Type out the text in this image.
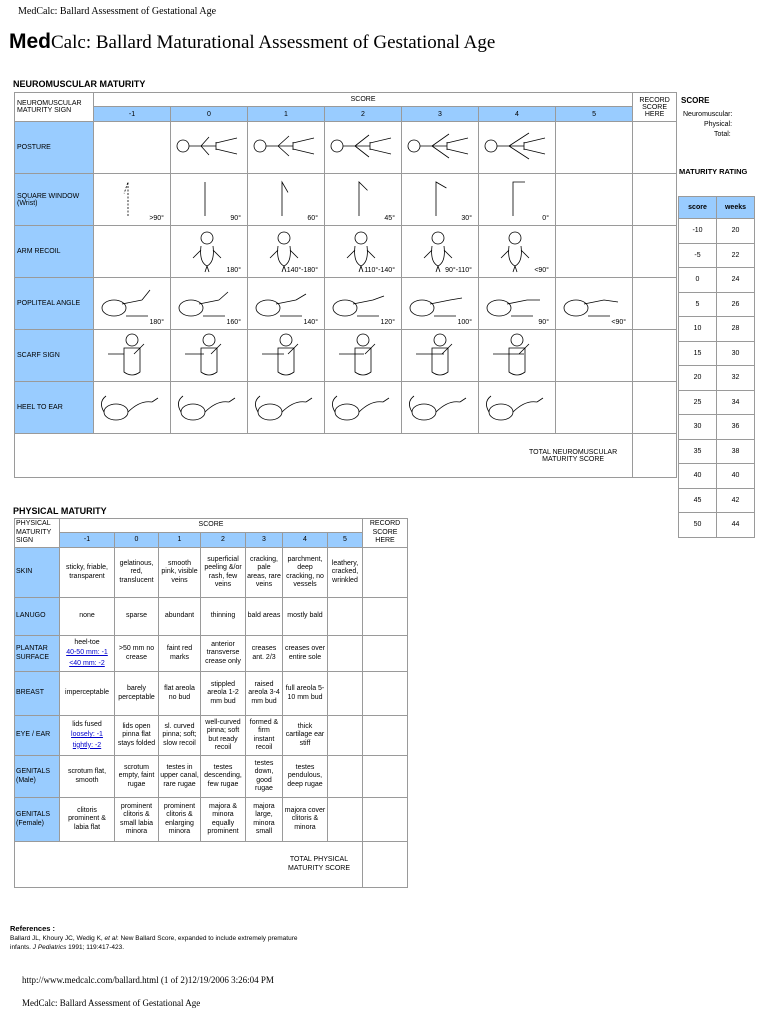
MedCalc: Ballard Assessment of Gestational Age
MedCalc: Ballard Maturational Assessment of Gestational Age
NEUROMUSCULAR MATURITY
NEUROMUSCULAR MATURITY SIGN	SCORE							RECORD SCORE HERE
	-1	0	1	2	3	4	5	
POSTURE	

SQUARE WINDOW (Wrist)	>90°	90°	60°	45°	30°	0°		

ARM RECOIL		180°	140°-180°	110°-140°	90°-110°	<90°		

POPLITEAL ANGLE	180°	160°	140°	120°	100°	90°	<90°	

SCARF SIGN	

HEEL TO EAR	

TOTAL NEUROMUSCULAR MATURITY SCORE								
SCORE
Neuromuscular:
Physical:
Total:
MATURITY RATING
score	weeks
-10	20
-5	22
0	24
5	26
10	28
15	30
20	32
25	34
30	36
35	38
40	40
45	42
50	44
PHYSICAL MATURITY
PHYSICAL MATURITY SIGN	SCORE							RECORD SCORE HERE
	-1	0	1	2	3	4	5	
SKIN	sticky, friable, transparent	gelatinous, red, translucent	smooth pink, visible veins	superficial peeling &/or rash, few veins	cracking, pale areas, rare veins	parchment, deep cracking, no vessels	leathery, cracked, wrinkled	

LANUGO	none	sparse	abundant	thinning	bald areas	mostly bald		

PLANTAR SURFACE	heel-toe
40-50 mm: -1
<40 mm: -2	>50 mm no crease	faint red marks	anterior transverse crease only	creases ant. 2/3	creases over entire sole		

BREAST	imperceptable	barely perceptable	flat areola no bud	stippled areola 1-2 mm bud	raised areola 3-4 mm bud	full areola 5-10 mm bud		

EYE / EAR	lids fused
loosely: -1
tightly: -2	lids open pinna flat stays folded	sl. curved pinna; soft; slow recoil	well-curved pinna; soft but ready recoil	formed & firm instant recoil	thick cartilage ear stiff		

GENITALS (Male)	scrotum flat, smooth	scrotum empty, faint rugae	testes in upper canal, rare rugae	testes descending, few rugae	testes down, good rugae	testes pendulous, deep rugae		

GENITALS (Female)	clitoris prominent & labia flat	prominent clitoris & small labia minora	prominent clitoris & enlarging minora	majora & minora equally prominent	majora large, minora small	majora cover clitoris & minora		

TOTAL PHYSICAL MATURITY SCORE								
References :
Ballard JL, Khoury JC, Wedig K, et al: New Ballard Score, expanded to include extremely premature
infants. J Pediatrics 1991; 119:417-423.
http://www.medcalc.com/ballard.html (1 of 2)12/19/2006 3:26:04 PM
MedCalc: Ballard Assessment of Gestational Age
